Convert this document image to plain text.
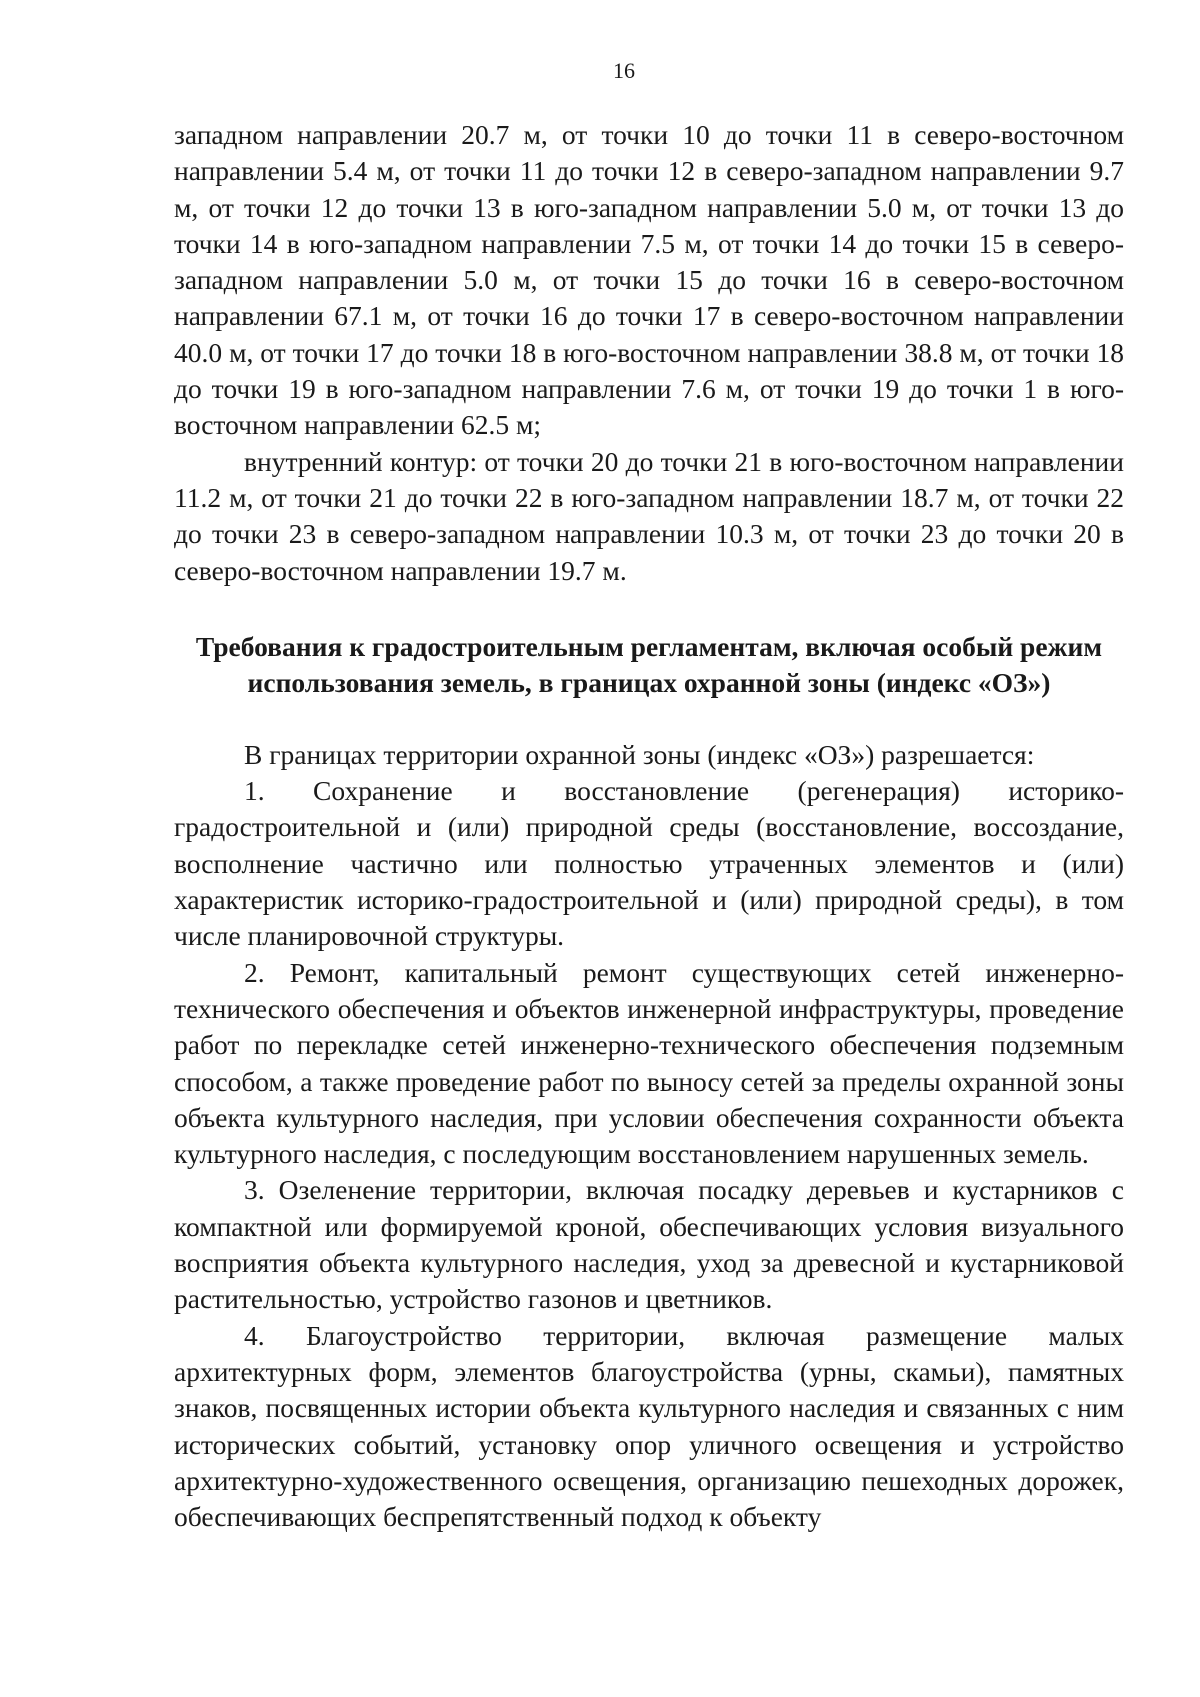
16

западном направлении 20.7 м, от точки 10 до точки 11 в северо-восточном направлении 5.4 м, от точки 11 до точки 12 в северо-западном направлении 9.7 м, от точки 12 до точки 13 в юго-западном направлении 5.0 м, от точки 13 до точки 14 в юго-западном направлении 7.5 м, от точки 14 до точки 15 в северо-западном направлении 5.0 м, от точки 15 до точки 16 в северо-восточном направлении 67.1 м, от точки 16 до точки 17 в северо-восточном направлении 40.0 м, от точки 17 до точки 18 в юго-восточном направлении 38.8 м, от точки 18 до точки 19 в юго-западном направлении 7.6 м, от точки 19 до точки 1 в юго-восточном направлении 62.5 м;

внутренний контур: от точки 20 до точки 21 в юго-восточном направлении 11.2 м, от точки 21 до точки 22 в юго-западном направлении 18.7 м, от точки 22 до точки 23 в северо-западном направлении 10.3 м, от точки 23 до точки 20 в северо-восточном направлении 19.7 м.

Требования к градостроительным регламентам, включая особый режим
использования земель, в границах охранной зоны (индекс «ОЗ»)

В границах территории охранной зоны (индекс «ОЗ») разрешается:

1. Сохранение и восстановление (регенерация) историко-градостроительной и (или) природной среды (восстановление, воссоздание, восполнение частично или полностью утраченных элементов и (или) характеристик историко-градостроительной и (или) природной среды), в том числе планировочной структуры.

2. Ремонт, капитальный ремонт существующих сетей инженерно-технического обеспечения и объектов инженерной инфраструктуры, проведение работ по перекладке сетей инженерно-технического обеспечения подземным способом, а также проведение работ по выносу сетей за пределы охранной зоны объекта культурного наследия, при условии обеспечения сохранности объекта культурного наследия, с последующим восстановлением нарушенных земель.

3. Озеленение территории, включая посадку деревьев и кустарников с компактной или формируемой кроной, обеспечивающих условия визуального восприятия объекта культурного наследия, уход за древесной и кустарниковой растительностью, устройство газонов и цветников.

4. Благоустройство территории, включая размещение малых архитектурных форм, элементов благоустройства (урны, скамьи), памятных знаков, посвященных истории объекта культурного наследия и связанных с ним исторических событий, установку опор уличного освещения и устройство архитектурно-художественного освещения, организацию пешеходных дорожек, обеспечивающих беспрепятственный подход к объекту
